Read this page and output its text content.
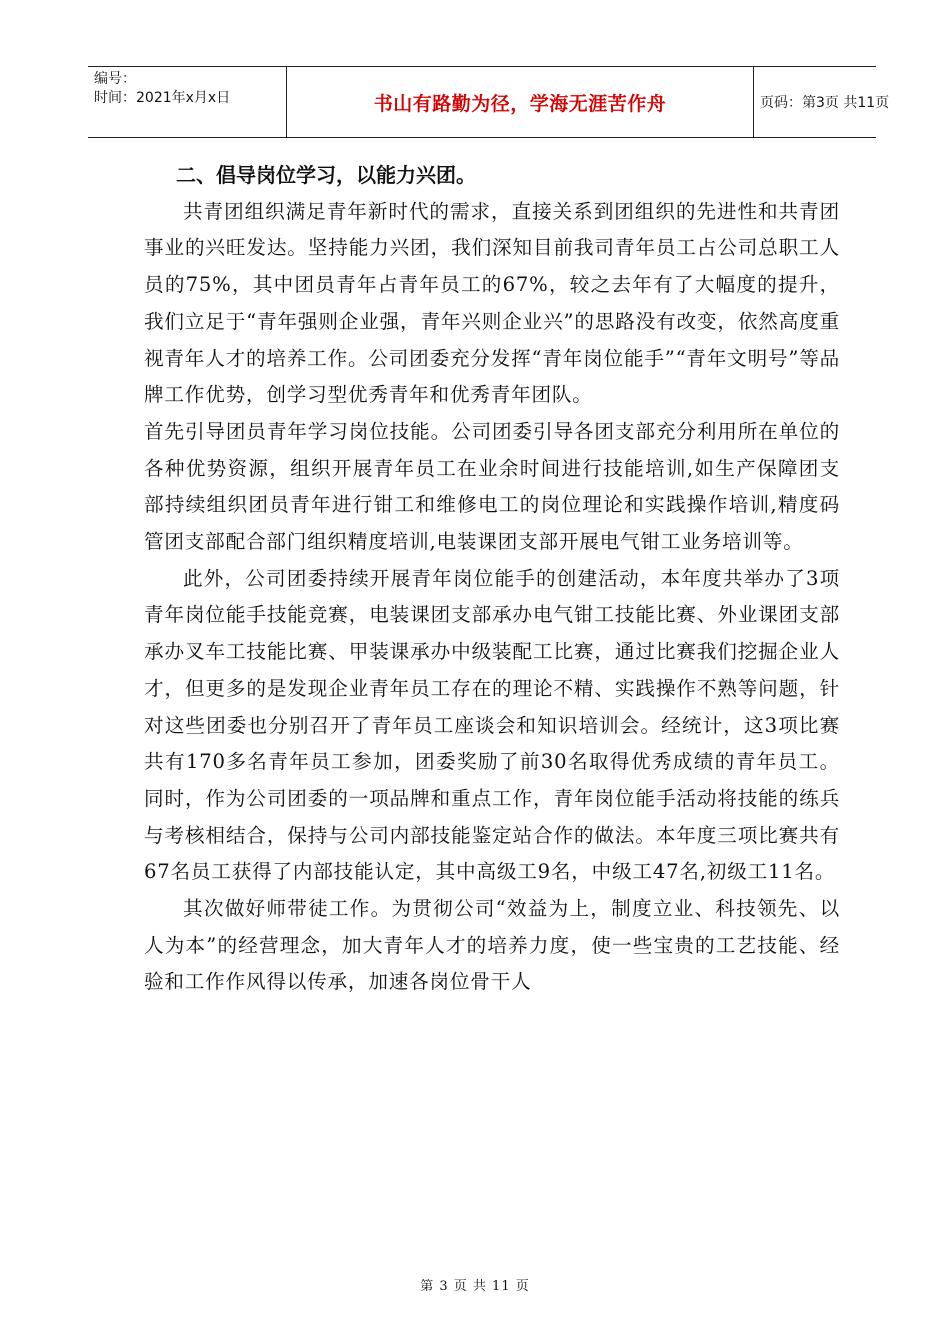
编号：
时间：2021年x月x日	书山有路勤为径，学海无涯苦作舟	页码：第3页 共11页

二、倡导岗位学习，以能力兴团。

共青团组织满足青年新时代的需求，直接关系到团组织的先进性和共青团事业的兴旺发达。坚持能力兴团，我们深知目前我司青年员工占公司总职工人员的75%，其中团员青年占青年员工的67%，较之去年有了大幅度的提升，我们立足于“青年强则企业强，青年兴则企业兴”的思路没有改变，依然高度重视青年人才的培养工作。公司团委充分发挥“青年岗位能手”“青年文明号”等品牌工作优势，创学习型优秀青年和优秀青年团队。

首先引导团员青年学习岗位技能。公司团委引导各团支部充分利用所在单位的各种优势资源，组织开展青年员工在业余时间进行技能培训,如生产保障团支部持续组织团员青年进行钳工和维修电工的岗位理论和实践操作培训,精度码管团支部配合部门组织精度培训,电装课团支部开展电气钳工业务培训等。

此外，公司团委持续开展青年岗位能手的创建活动，本年度共举办了3项青年岗位能手技能竞赛，电装课团支部承办电气钳工技能比赛、外业课团支部承办叉车工技能比赛、甲装课承办中级装配工比赛，通过比赛我们挖掘企业人才，但更多的是发现企业青年员工存在的理论不精、实践操作不熟等问题，针对这些团委也分别召开了青年员工座谈会和知识培训会。经统计，这3项比赛共有170多名青年员工参加，团委奖励了前30名取得优秀成绩的青年员工。同时，作为公司团委的一项品牌和重点工作，青年岗位能手活动将技能的练兵与考核相结合，保持与公司内部技能鉴定站合作的做法。本年度三项比赛共有67名员工获得了内部技能认定，其中高级工9名，中级工47名,初级工11名。

其次做好师带徒工作。为贯彻公司“效益为上，制度立业、科技领先、以人为本”的经营理念，加大青年人才的培养力度，使一些宝贵的工艺技能、经验和工作作风得以传承，加速各岗位骨干人

第 3 页 共 11 页
